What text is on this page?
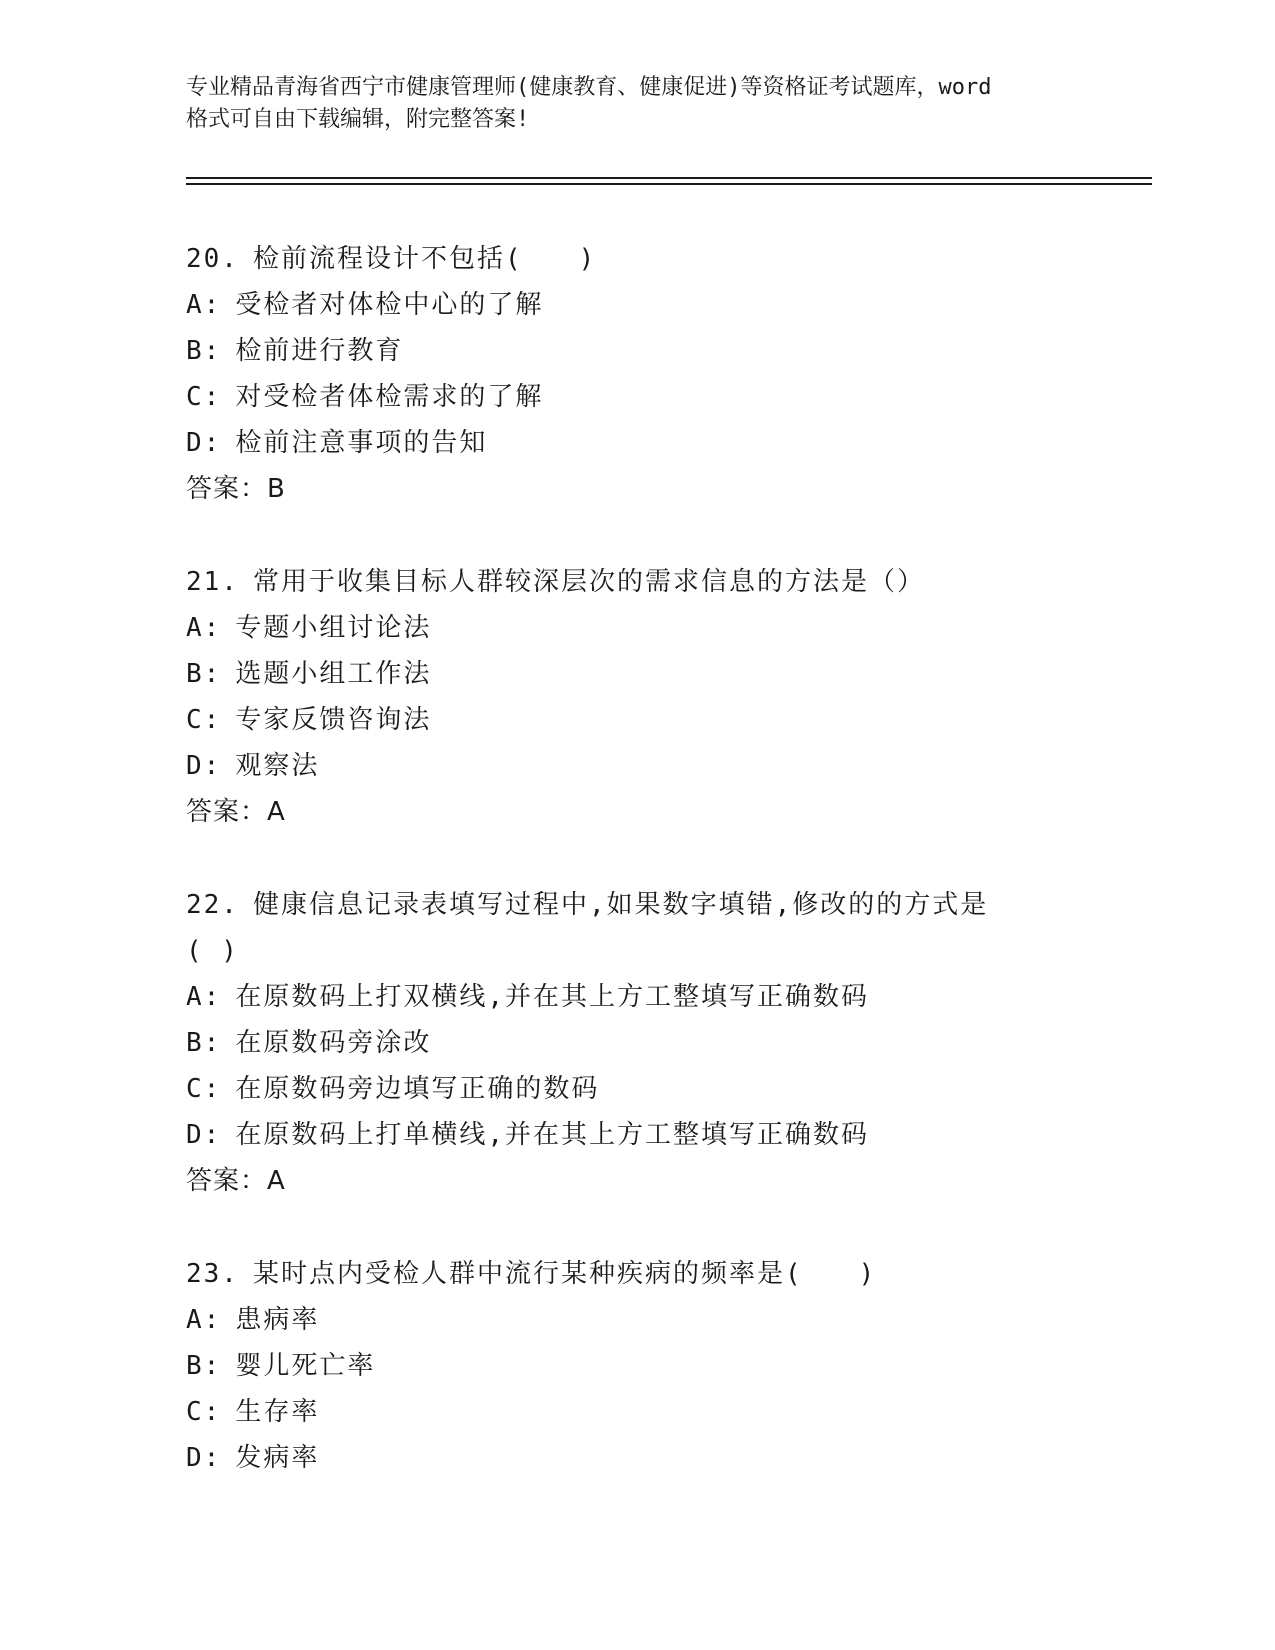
专业精品青海省西宁市健康管理师(健康教育、健康促进)等资格证考试题库，word
格式可自由下载编辑，附完整答案!
20. 检前流程设计不包括(　　)
A: 受检者对体检中心的了解
B: 检前进行教育
C: 对受检者体检需求的了解
D: 检前注意事项的告知
答案：B
21. 常用于收集目标人群较深层次的需求信息的方法是（）
A: 专题小组讨论法
B: 选题小组工作法
C: 专家反馈咨询法
D: 观察法
答案：A
22. 健康信息记录表填写过程中,如果数字填错,修改的的方式是( )
A: 在原数码上打双横线,并在其上方工整填写正确数码
B: 在原数码旁涂改
C: 在原数码旁边填写正确的数码
D: 在原数码上打单横线,并在其上方工整填写正确数码
答案：A
23. 某时点内受检人群中流行某种疾病的频率是(　　)
A: 患病率
B: 婴儿死亡率
C: 生存率
D: 发病率
